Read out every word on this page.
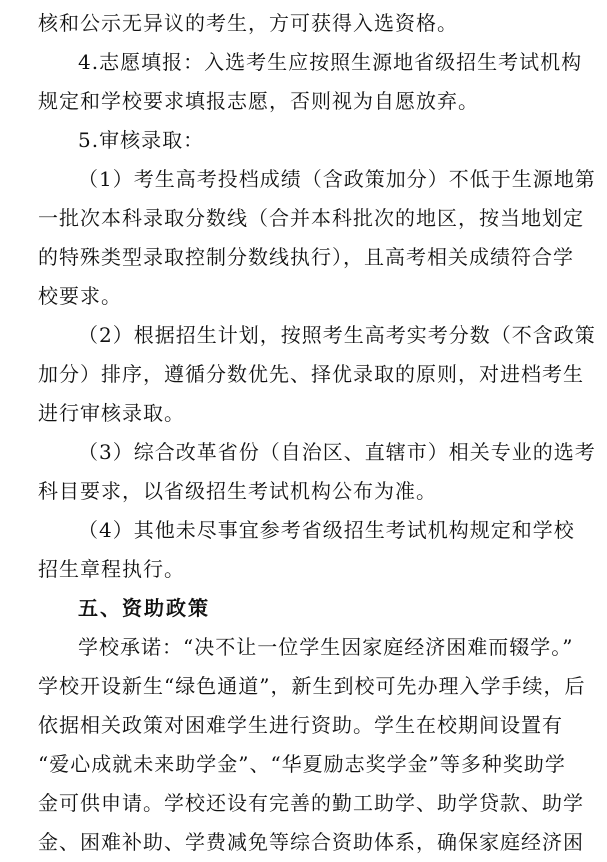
核和公示无异议的考生，方可获得入选资格。
4.志愿填报：入选考生应按照生源地省级招生考试机构
规定和学校要求填报志愿，否则视为自愿放弃。
5.审核录取：
（1）考生高考投档成绩（含政策加分）不低于生源地第
一批次本科录取分数线（合并本科批次的地区，按当地划定
的特殊类型录取控制分数线执行），且高考相关成绩符合学
校要求。
（2）根据招生计划，按照考生高考实考分数（不含政策
加分）排序，遵循分数优先、择优录取的原则，对进档考生
进行审核录取。
（3）综合改革省份（自治区、直辖市）相关专业的选考
科目要求，以省级招生考试机构公布为准。
（4）其他未尽事宜参考省级招生考试机构规定和学校
招生章程执行。
五、资助政策
学校承诺：“决不让一位学生因家庭经济困难而辍学。”
学校开设新生“绿色通道”，新生到校可先办理入学手续，后
依据相关政策对困难学生进行资助。学生在校期间设置有
“爱心成就未来助学金”、“华夏励志奖学金”等多种奖助学
金可供申请。学校还设有完善的勤工助学、助学贷款、助学
金、困难补助、学费减免等综合资助体系，确保家庭经济困
